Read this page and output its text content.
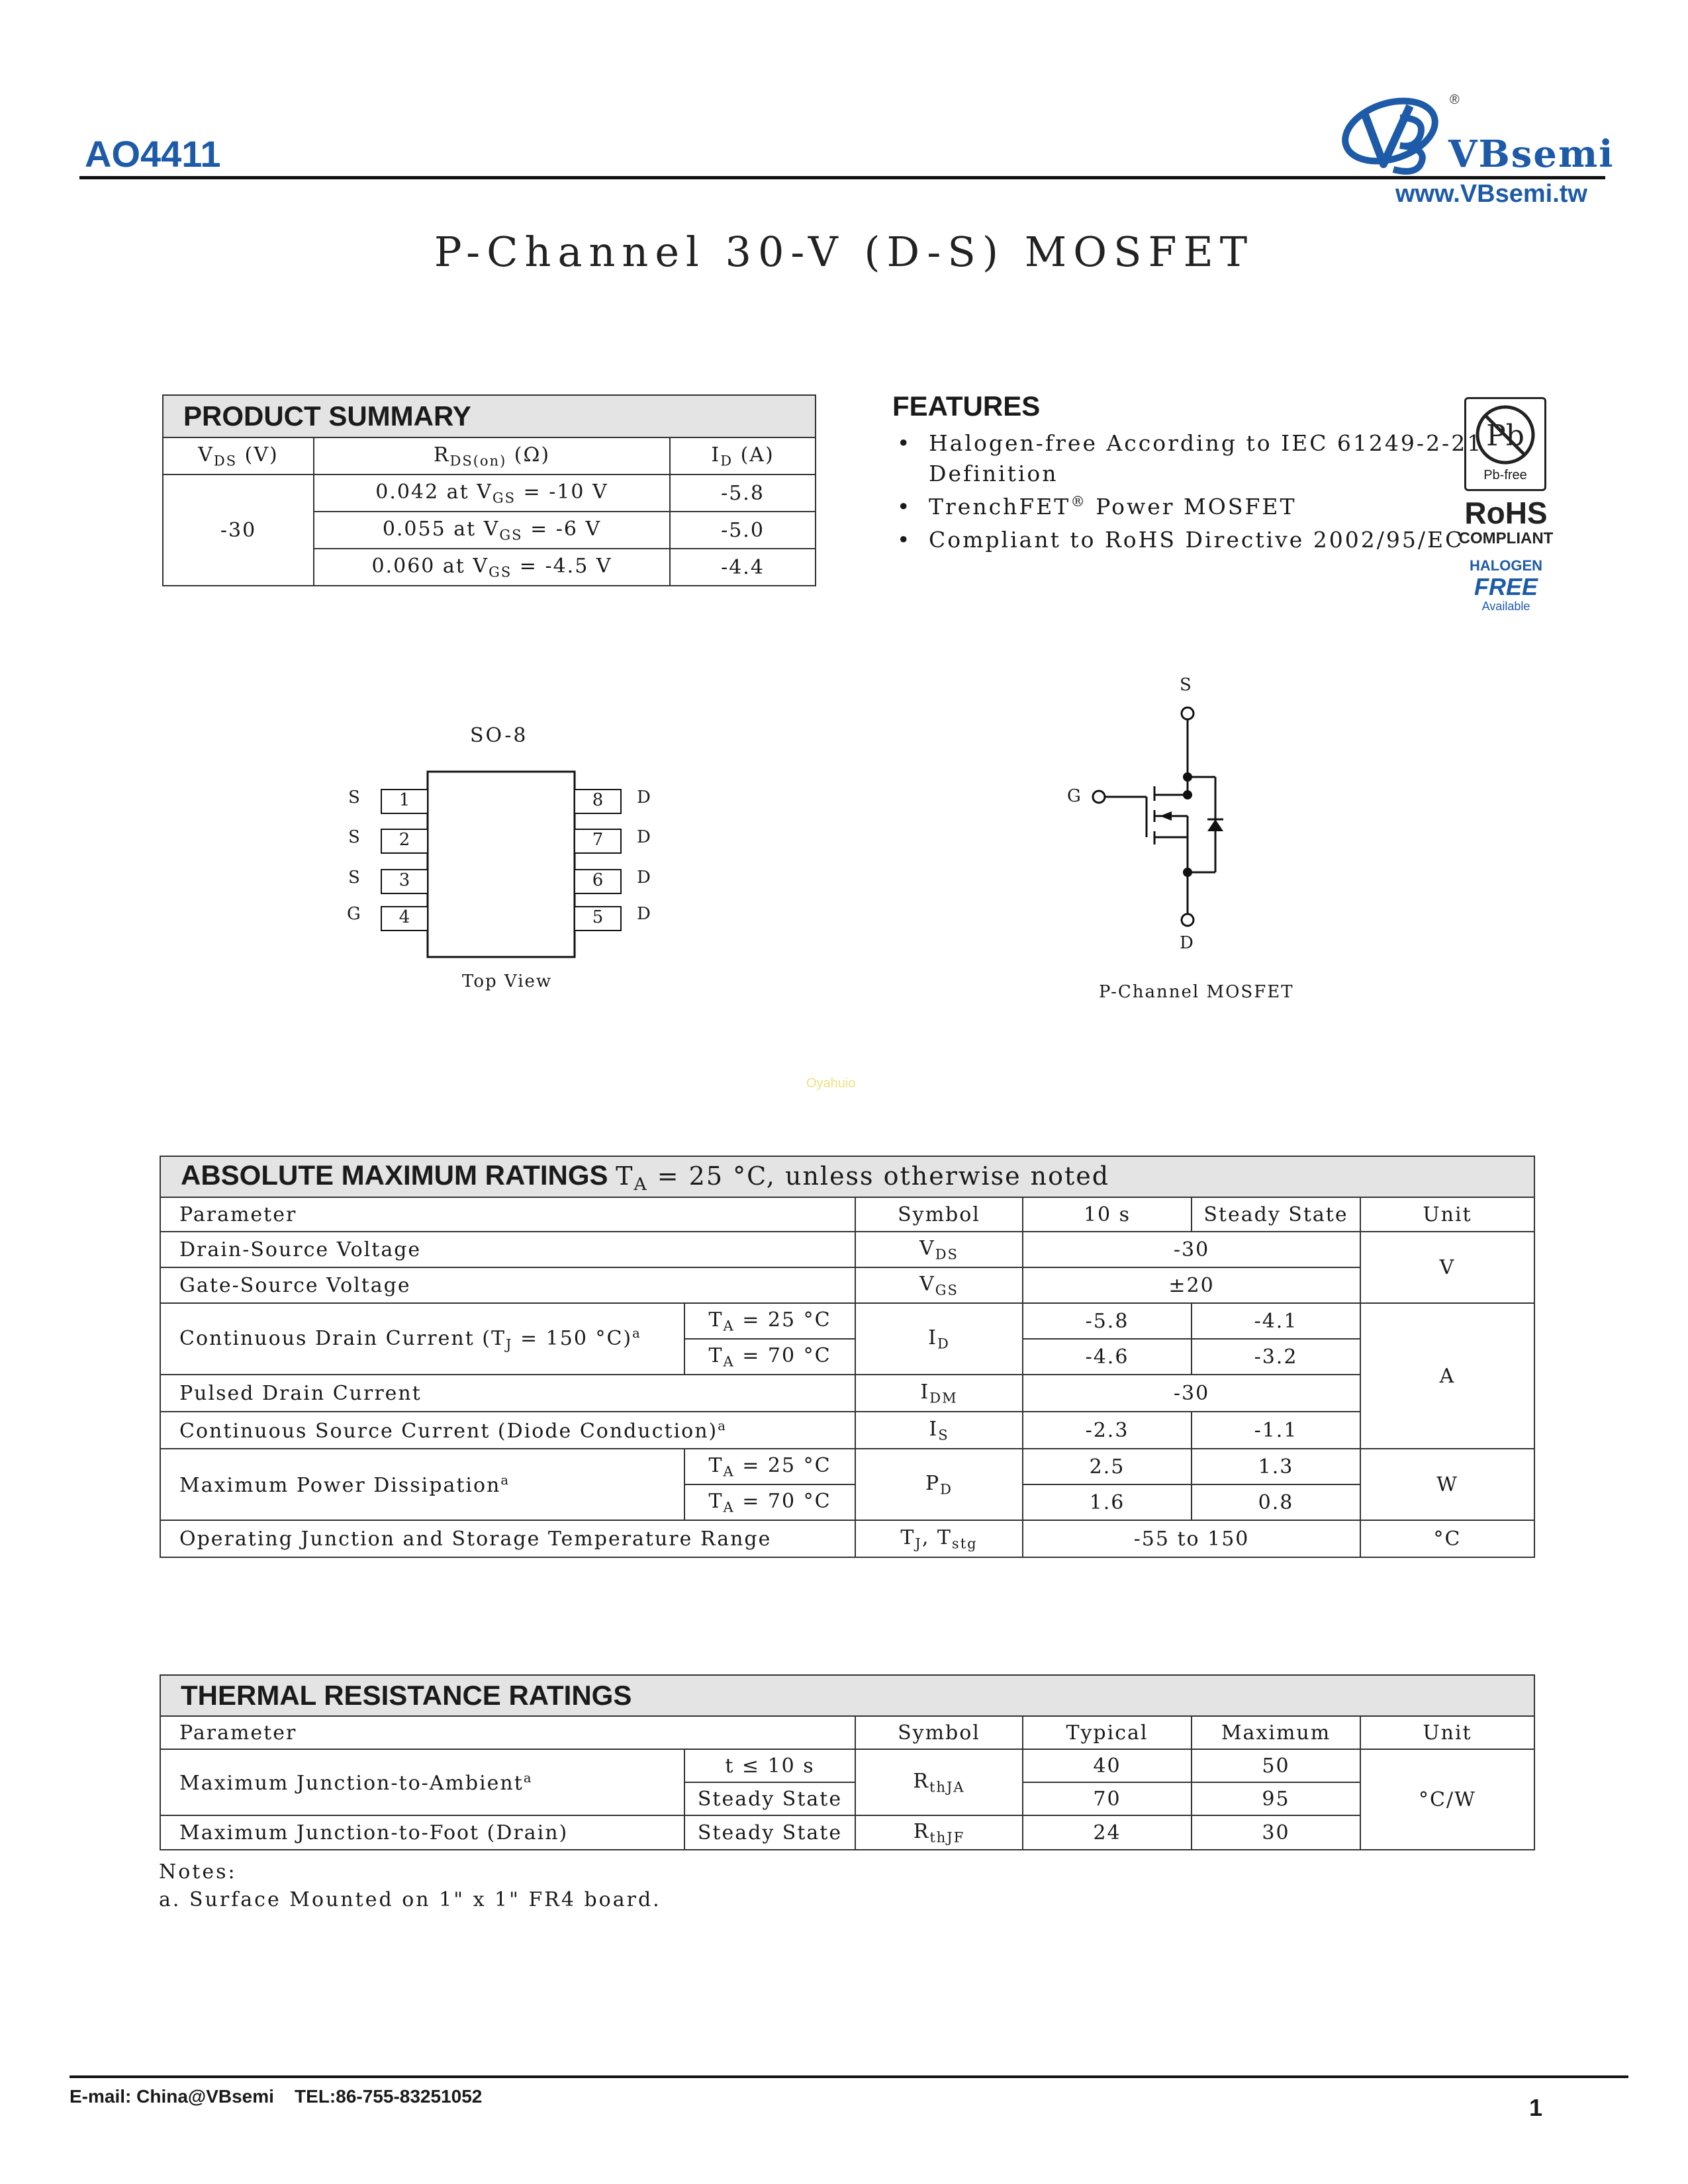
AO4411
®
VBsemi
www.VBsemi.tw
P-Channel 30-V (D-S) MOSFET
PRODUCT SUMMARY		
$V_{DS}$ (V)	$R_{DS(on)}$ (Ω)	$I_D$ (A)
-30	0.042 at $V_{GS} = -10$ V	-5.8
	0.055 at $V_{GS} = -6$ V	-5.0
	0.060 at $V_{GS} = -4.5$ V	-4.4
FEATURES
• Halogen-free According to IEC 61249-2-21
Definition
• TrenchFET® Power MOSFET
• Compliant to RoHS Directive 2002/95/EC
Pb
Pb-free
RoHS
COMPLIANT
HALOGEN
FREE
Available
SO-8
S
S
S
G
1
2
3
4
8
7
6
5
D
D
D
D
Top View
S
G
D
P-Channel MOSFET
Oyahuio
ABSOLUTE MAXIMUM RATINGS $T_A = 25$ °C, unless otherwise noted					
Parameter		Symbol	10 s	Steady State	Unit
Drain-Source Voltage		$V_{DS}$	-30		V
Gate-Source Voltage		$V_{GS}$	±20		
Continuous Drain Current ($T_J = 150$ °C)$^a$	$T_A = 25$ °C	$I_D$	-5.8	-4.1	A
	$T_A = 70$ °C		-4.6	-3.2	
Pulsed Drain Current		$I_{DM}$	-30		
Continuous Source Current (Diode Conduction)$^a$		$I_S$	-2.3	-1.1	
Maximum Power Dissipation$^a$	$T_A = 25$ °C	$P_D$	2.5	1.3	W
	$T_A = 70$ °C		1.6	0.8	
Operating Junction and Storage Temperature Range		$T_J$, $T_{stg}$	-55 to 150		°C
THERMAL RESISTANCE RATINGS					
Parameter		Symbol	Typical	Maximum	Unit
Maximum Junction-to-Ambient$^a$	t ≤ 10 s	$R_{thJA}$	40	50	°C/W
	Steady State		70	95	
Maximum Junction-to-Foot (Drain)	Steady State	$R_{thJF}$	24	30	
Notes:
a. Surface Mounted on 1" x 1" FR4 board.
E-mail: China@VBsemi    TEL:86-755-83251052	1
